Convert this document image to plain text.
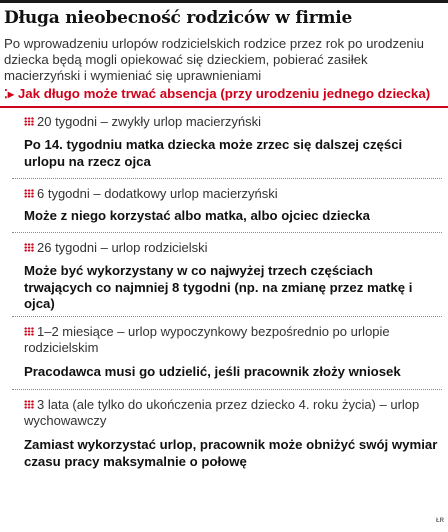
Długa nieobecność rodziców w firmie
Po wprowadzeniu urlopów rodzicielskich rodzice przez rok po urodzeniu dziecka będą mogli opiekować się dzieckiem, pobierać zasiłek macierzyński i wymieniać się uprawnieniami
⁚▸ Jak długo może trwać absencja (przy urodzeniu jednego dziecka)
20 tygodni – zwykły urlop macierzyński
Po 14. tygodniu matka dziecka może zrzec się dalszej części urlopu na rzecz ojca
6 tygodni – dodatkowy urlop macierzyński
Może z niego korzystać albo matka, albo ojciec dziecka
26 tygodni – urlop rodzicielski
Może być wykorzystany w co najwyżej trzech częściach trwających co najmniej 8 tygodni (np. na zmianę przez matkę i ojca)
1–2 miesiące – urlop wypoczynkowy bezpośrednio po urlopie rodzicielskim
Pracodawca musi go udzielić, jeśli pracownik złoży wniosek
3 lata (ale tylko do ukończenia przez dziecko 4. roku życia) – urlop wychowawczy
Zamiast wykorzystać urlop, pracownik może obniżyć swój wymiar czasu pracy maksymalnie o połowę
ŁR
